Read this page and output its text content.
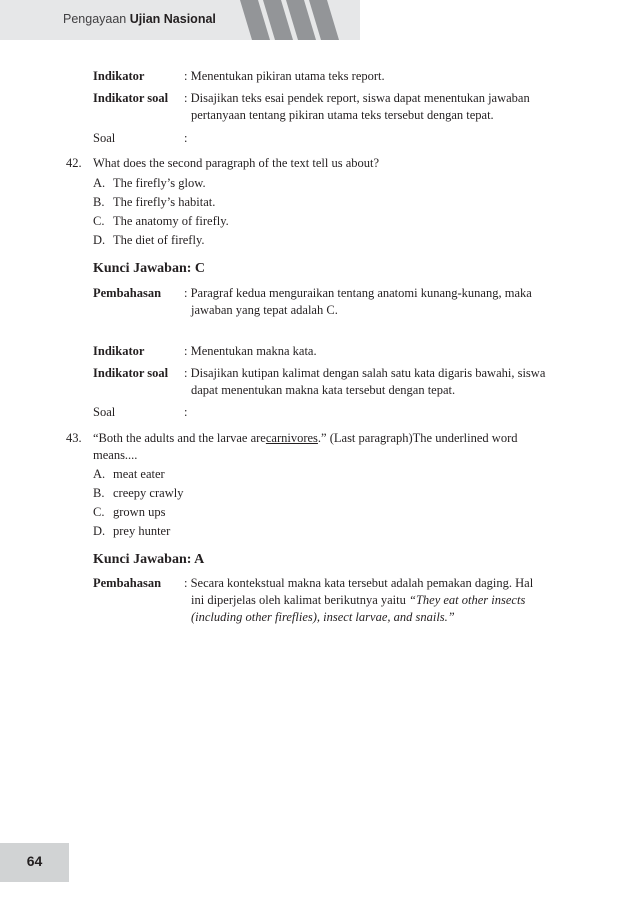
Pengayaan Ujian Nasional
Indikator	: Menentukan pikiran utama teks report.
Indikator soal : Disajikan teks esai pendek report, siswa dapat menentukan jawaban
pertanyaan tentang pikiran utama teks tersebut dengan tepat.
Soal	:
42. What does the second paragraph of the text tell us about?
A. The firefly’s glow.
B. The firefly’s habitat.
C. The anatomy of firefly.
D. The diet of firefly.
Kunci Jawaban: C
Pembahasan : Paragraf kedua menguraikan tentang anatomi kunang-kunang, maka
jawaban yang tepat adalah C.
Indikator	: Menentukan makna kata.
Indikator soal : Disajikan kutipan kalimat dengan salah satu kata digaris bawahi, siswa
dapat menentukan makna kata tersebut dengan tepat.
Soal	:
43. “Both the adults and the larvae arecarnivores.” (Last paragraph)The underlined word
means....
A. meat eater
B. creepy crawly
C. grown ups
D. prey hunter
Kunci Jawaban: A
Pembahasan : Secara kontekstual makna kata tersebut adalah pemakan daging. Hal
ini diperjelas oleh kalimat berikutnya yaitu “They eat other insects
(including other fireflies), insect larvae, and snails.”
64
